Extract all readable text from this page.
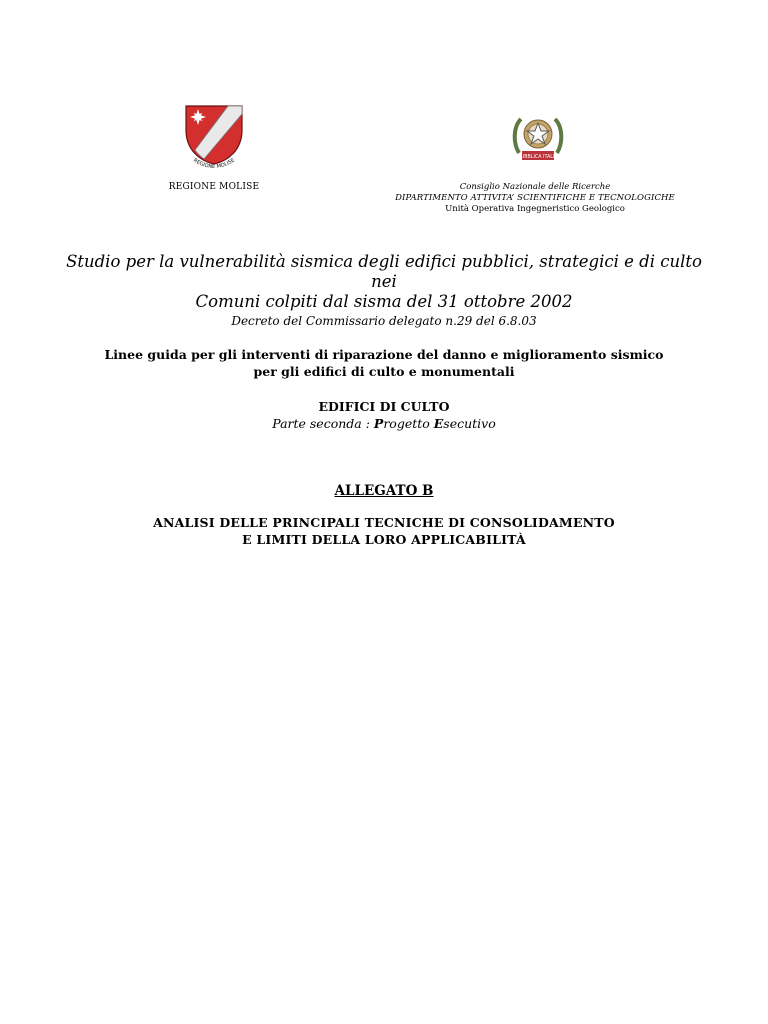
REGIONE MOLISE
REGIONE MOLISE
REPUBBLICA ITALIANA
Consiglio Nazionale delle Ricerche
DIPARTIMENTO ATTIVITA’ SCIENTIFICHE E TECNOLOGICHE
Unità Operativa Ingegneristico Geologico
Studio per la vulnerabilità sismica degli edifici pubblici, strategici e di culto nei
Comuni colpiti dal sisma del 31 ottobre 2002
Decreto del Commissario delegato n.29 del 6.8.03
Linee guida per gli interventi di riparazione del danno e miglioramento sismico
per gli edifici di culto e monumentali
EDIFICI DI CULTO
Parte seconda : Progetto Esecutivo
ALLEGATO B
ANALISI DELLE PRINCIPALI TECNICHE DI CONSOLIDAMENTO
E LIMITI DELLA LORO APPLICABILITÀ
